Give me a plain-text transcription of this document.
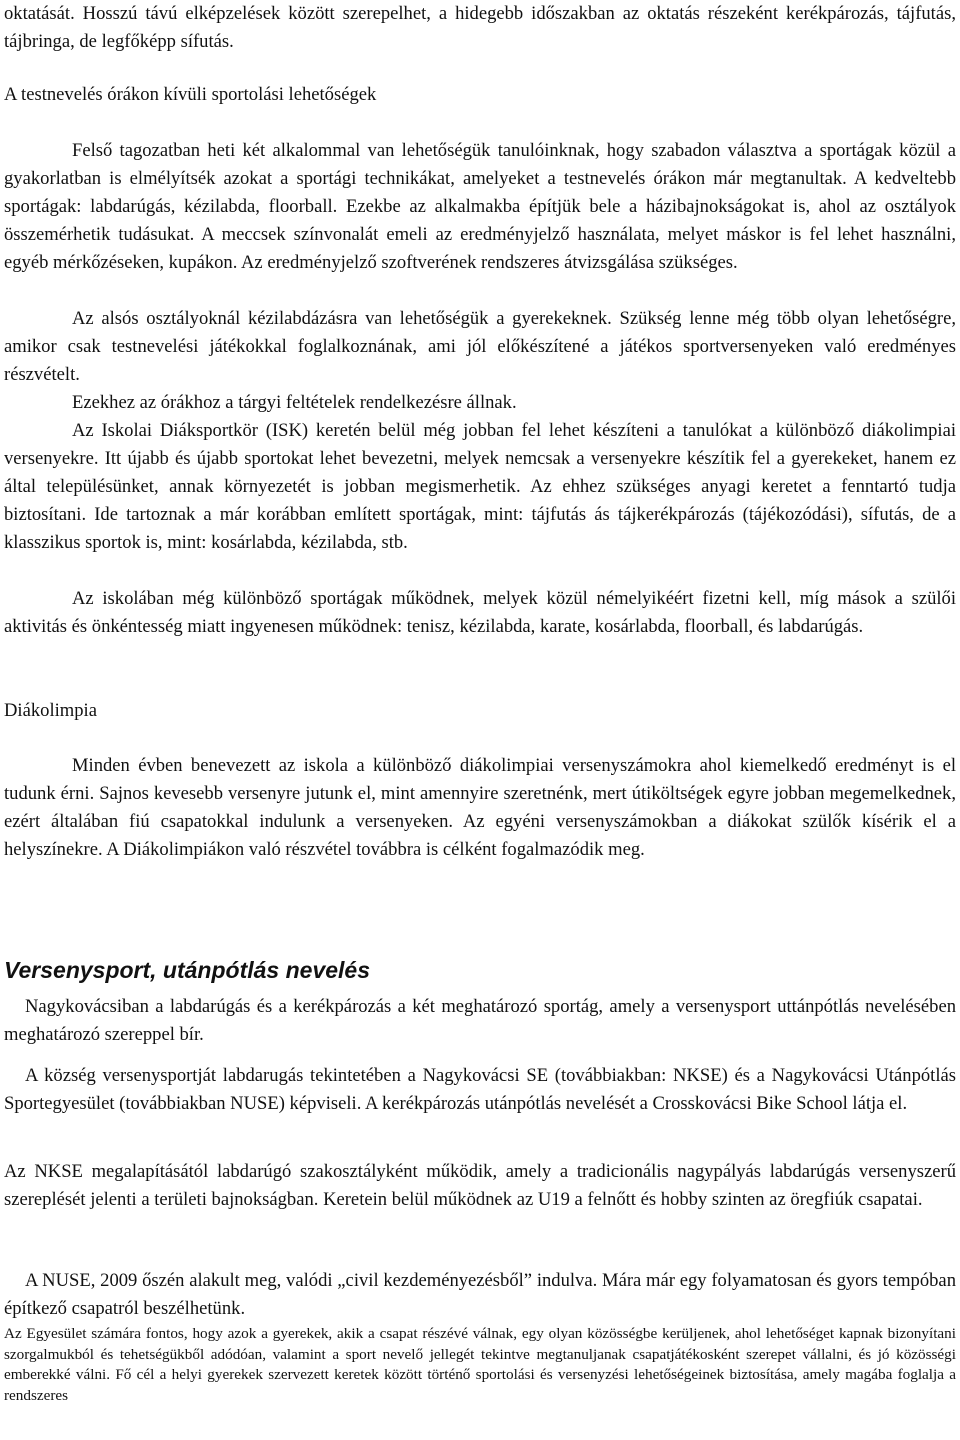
oktatását. Hosszú távú elképzelések között szerepelhet, a hidegebb időszakban az oktatás részeként kerékpározás, tájfutás, tájbringa, de legfőképp sífutás.

A testnevelés órákon kívüli sportolási lehetőségek

Felső tagozatban heti két alkalommal van lehetőségük tanulóinknak, hogy szabadon választva a sportágak közül a gyakorlatban is elmélyítsék azokat a sportági technikákat, amelyeket a testnevelés órákon már megtanultak. A kedveltebb sportágak: labdarúgás, kézilabda, floorball. Ezekbe az alkalmakba építjük bele a házibajnokságokat is, ahol az osztályok összemérhetik tudásukat. A meccsek színvonalát emeli az eredményjelző használata, melyet máskor is fel lehet használni, egyéb mérkőzéseken, kupákon. Az eredményjelző szoftverének rendszeres átvizsgálása szükséges.

Az alsós osztályoknál kézilabdázásra van lehetőségük a gyerekeknek. Szükség lenne még több olyan lehetőségre, amikor csak testnevelési játékokkal foglalkoznának, ami jól előkészítené a játékos sportversenyeken való eredményes részvételt.

Ezekhez az órákhoz a tárgyi feltételek rendelkezésre állnak.

Az Iskolai Diáksportkör (ISK) keretén belül még jobban fel lehet készíteni a tanulókat a különböző diákolimpiai versenyekre. Itt újabb és újabb sportokat lehet bevezetni, melyek nemcsak a versenyekre készítik fel a gyerekeket, hanem ez által településünket, annak környezetét is jobban megismerhetik. Az ehhez szükséges anyagi keretet a fenntartó tudja biztosítani. Ide tartoznak a már korábban említett sportágak, mint: tájfutás ás tájkerékpározás (tájékozódási), sífutás, de a klasszikus sportok is, mint: kosárlabda, kézilabda, stb.

Az iskolában még különböző sportágak működnek, melyek közül némelyikéért fizetni kell, míg mások a szülői aktivitás és önkéntesség miatt ingyenesen működnek: tenisz, kézilabda, karate, kosárlabda, floorball, és labdarúgás.

Diákolimpia

Minden évben benevezett az iskola a különböző diákolimpiai versenyszámokra ahol kiemelkedő eredményt is el tudunk érni. Sajnos kevesebb versenyre jutunk el, mint amennyire szeretnénk, mert útiköltségek egyre jobban megemelkednek, ezért általában fiú csapatokkal indulunk a versenyeken. Az egyéni versenyszámokban a diákokat szülők kísérik el a helyszínekre. A Diákolimpiákon való részvétel továbbra is célként fogalmazódik meg.

Versenysport, utánpótlás nevelés

Nagykovácsiban a labdarúgás és a kerékpározás a két meghatározó sportág, amely a versenysport uttánpótlás nevelésében meghatározó szereppel bír.

A község versenysportját labdarugás tekintetében a Nagykovácsi SE (továbbiakban: NKSE) és a Nagykovácsi Utánpótlás Sportegyesület (továbbiakban NUSE) képviseli. A kerékpározás utánpótlás nevelését a Crosskovácsi Bike School látja el.

Az NKSE megalapításától labdarúgó szakosztályként működik, amely a tradicionális nagypályás labdarúgás versenyszerű szereplését jelenti a területi bajnokságban. Keretein belül működnek az U19 a felnőtt és hobby szinten az öregfiúk csapatai.

A NUSE, 2009 őszén alakult meg, valódi „civil kezdeményezésből” indulva. Mára már egy folyamatosan és gyors tempóban építkező csapatról beszélhetünk.

Az Egyesület számára fontos, hogy azok a gyerekek, akik a csapat részévé válnak, egy olyan közösségbe kerüljenek, ahol lehetőséget kapnak bizonyítani szorgalmukból és tehetségükből adódóan, valamint a sport nevelő jellegét tekintve megtanuljanak csapatjátékosként szerepet vállalni, és jó közösségi emberekké válni. Fő cél a helyi gyerekek szervezett keretek között történő sportolási és versenyzési lehetőségeinek biztosítása, amely magába foglalja a rendszeres
